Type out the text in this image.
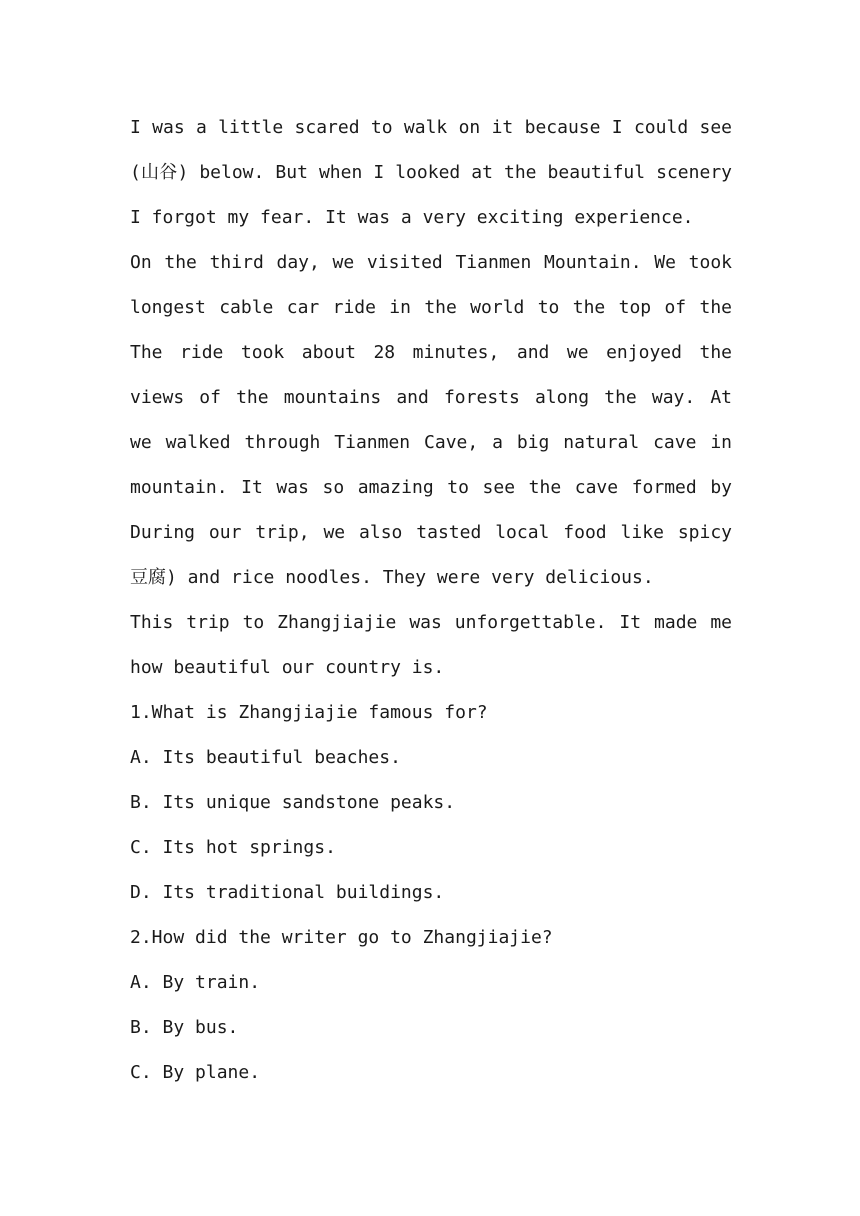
I was a little scared to walk on it because I could see
(山谷) below. But when I looked at the beautiful scenery
I forgot my fear. It was a very exciting experience.
On the third day, we visited Tianmen Mountain. We took
longest cable car ride in the world to the top of the
The ride took about 28 minutes, and we enjoyed the
views of the mountains and forests along the way. At
we walked through Tianmen Cave, a big natural cave in
mountain. It was so amazing to see the cave formed by
During our trip, we also tasted local food like spicy
豆腐) and rice noodles. They were very delicious.
This trip to Zhangjiajie was unforgettable. It made me
how beautiful our country is.
1.What is Zhangjiajie famous for?
A. Its beautiful beaches.
B. Its unique sandstone peaks.
C. Its hot springs.
D. Its traditional buildings.
2.How did the writer go to Zhangjiajie?
A. By train.
B. By bus.
C. By plane.
